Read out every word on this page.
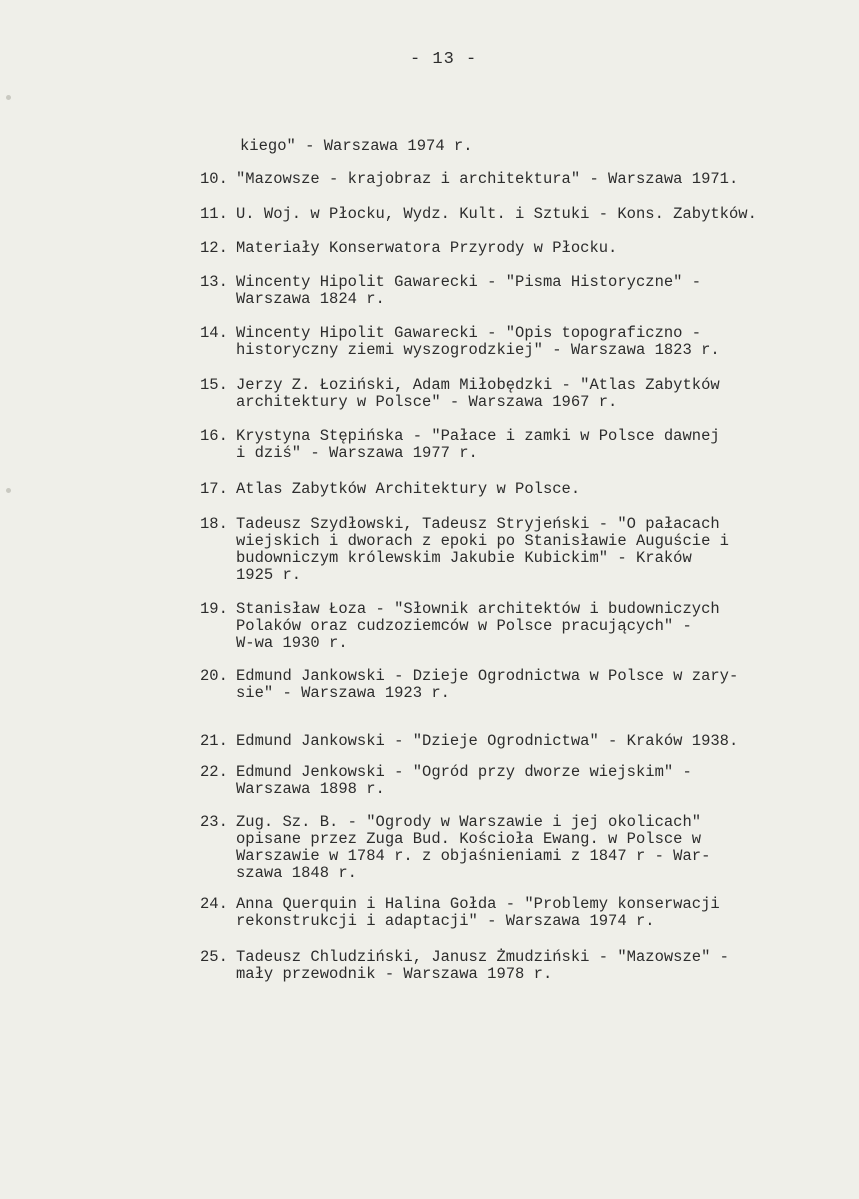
- 13 -
kiego" - Warszawa 1974 r.
10. "Mazowsze - krajobraz i architektura" - Warszawa 1971.
11. U. Woj. w Płocku, Wydz. Kult. i Sztuki - Kons. Zabytków.
12. Materiały Konserwatora Przyrody w Płocku.
13. Wincenty Hipolit Gawarecki - "Pisma Historyczne" -
Warszawa 1824 r.
14. Wincenty Hipolit Gawarecki - "Opis topograficzno -
historyczny ziemi wyszogrodzkiej" - Warszawa 1823 r.
15. Jerzy Z. Łoziński, Adam Miłobędzki - "Atlas Zabytków
architektury w Polsce" - Warszawa 1967 r.
16. Krystyna Stępińska - "Pałace i zamki w Polsce dawnej
i dziś" - Warszawa 1977 r.
17. Atlas Zabytków Architektury w Polsce.
18. Tadeusz Szydłowski, Tadeusz Stryjeński - "O pałacach
wiejskich i dworach z epoki po Stanisławie Auguście i
budowniczym królewskim Jakubie Kubickim" - Kraków
1925 r.
19. Stanisław Łoza - "Słownik architektów i budowniczych
Polaków oraz cudzoziemców w Polsce pracujących" -
W-wa 1930 r.
20. Edmund Jankowski - Dzieje Ogrodnictwa w Polsce w zary-
sie" - Warszawa 1923 r.
21. Edmund Jankowski - "Dzieje Ogrodnictwa" - Kraków 1938.
22. Edmund Jenkowski - "Ogród przy dworze wiejskim" -
Warszawa 1898 r.
23. Zug. Sz. B. - "Ogrody w Warszawie i jej okolicach"
opisane przez Zuga Bud. Kościoła Ewang. w Polsce w
Warszawie w 1784 r. z objaśnieniami z 1847 r - War-
szawa 1848 r.
24. Anna Querquin i Halina Gołda - "Problemy konserwacji
rekonstrukcji i adaptacji" - Warszawa 1974 r.
25. Tadeusz Chludziński, Janusz Żmudziński - "Mazowsze" -
mały przewodnik - Warszawa 1978 r.
